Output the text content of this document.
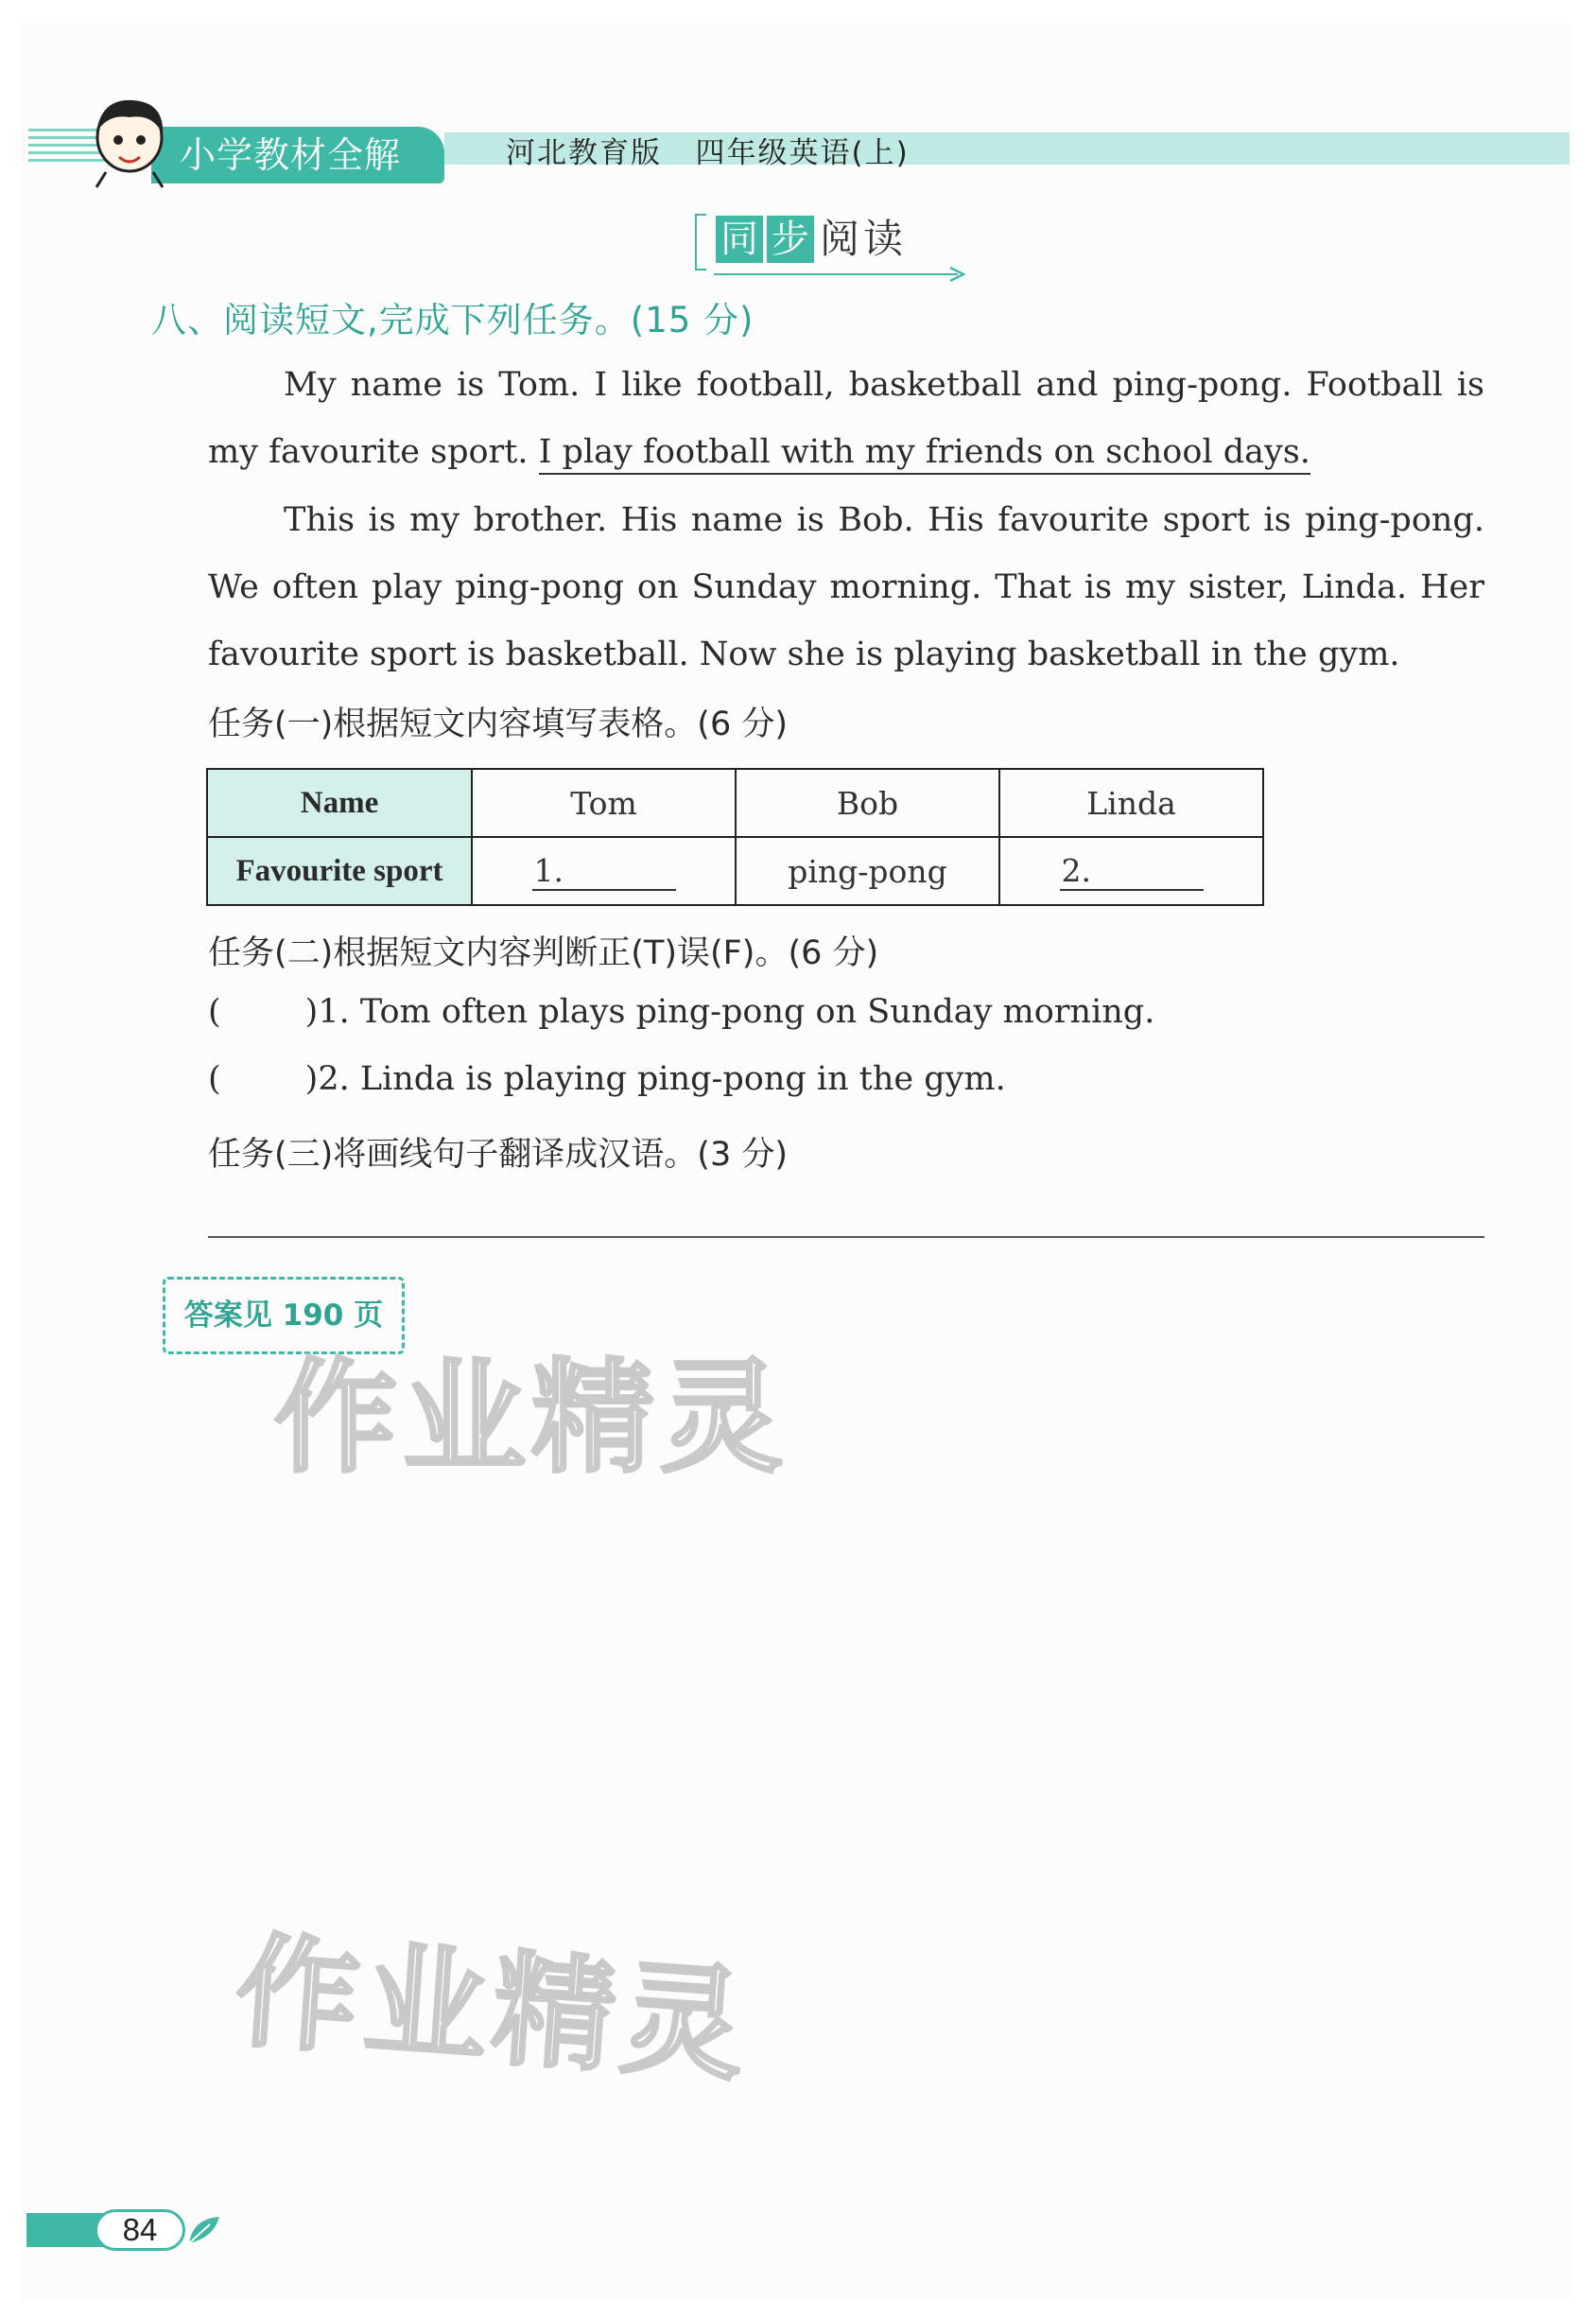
小学教材全解	河北教育版   四年级英语(上)
同 步 阅 读
八、阅读短文,完成下列任务。(15 分)
My name is Tom. I like football, basketball and ping-pong. Football is my favourite sport. I play football with my friends on school days.
This is my brother. His name is Bob. His favourite sport is ping-pong. We often play ping-pong on Sunday morning. That is my sister, Linda. Her favourite sport is basketball. Now she is playing basketball in the gym.
任务(一)根据短文内容填写表格。(6 分)
Name	Tom	Bob	Linda
Favourite sport	1.	ping-pong	2.
任务(二)根据短文内容判断正(T)误(F)。(6 分)
(        )1. Tom often plays ping-pong on Sunday morning.
(        )2. Linda is playing ping-pong in the gym.
任务(三)将画线句子翻译成汉语。(3 分)
答案见 190 页
作业精灵
作业精灵
84
